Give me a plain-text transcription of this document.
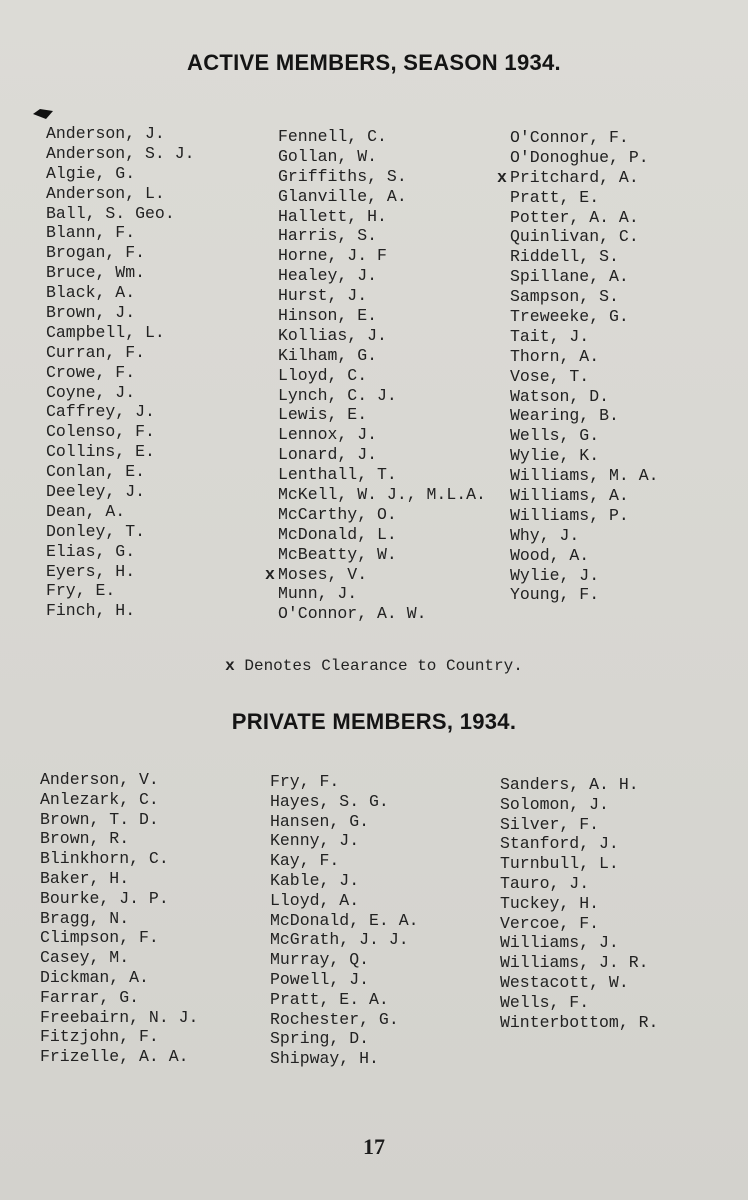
ACTIVE MEMBERS, SEASON 1934.
Anderson, J.
Anderson, S. J.
Algie, G.
Anderson, L.
Ball, S. Geo.
Blann, F.
Brogan, F.
Bruce, Wm.
Black, A.
Brown, J.
Campbell, L.
Curran, F.
Crowe, F.
Coyne, J.
Caffrey, J.
Colenso, F.
Collins, E.
Conlan, E.
Deeley, J.
Dean, A.
Donley, T.
Elias, G.
Eyers, H.
Fry, E.
Finch, H.
Fennell, C.
Gollan, W.
Griffiths, S.
Glanville, A.
Hallett, H.
Harris, S.
Horne, J. F
Healey, J.
Hurst, J.
Hinson, E.
Kollias, J.
Kilham, G.
Lloyd, C.
Lynch, C. J.
Lewis, E.
Lennox, J.
Lonard, J.
Lenthall, T.
McKell, W. J., M.L.A.
McCarthy, O.
McDonald, L.
McBeatty, W.
x Moses, V.
Munn, J.
O'Connor, A. W.
O'Connor, F.
O'Donoghue, P.
x Pritchard, A.
Pratt, E.
Potter, A. A.
Quinlivan, C.
Riddell, S.
Spillane, A.
Sampson, S.
Treweeke, G.
Tait, J.
Thorn, A.
Vose, T.
Watson, D.
Wearing, B.
Wells, G.
Wylie, K.
Williams, M. A.
Williams, A.
Williams, P.
Why, J.
Wood, A.
Wylie, J.
Young, F.
x Denotes Clearance to Country.
PRIVATE MEMBERS, 1934.
Anderson, V.
Anlezark, C.
Brown, T. D.
Brown, R.
Blinkhorn, C.
Baker, H.
Bourke, J. P.
Bragg, N.
Climpson, F.
Casey, M.
Dickman, A.
Farrar, G.
Freebairn, N. J.
Fitzjohn, F.
Frizelle, A. A.
Fry, F.
Hayes, S. G.
Hansen, G.
Kenny, J.
Kay, F.
Kable, J.
Lloyd, A.
McDonald, E. A.
McGrath, J. J.
Murray, Q.
Powell, J.
Pratt, E. A.
Rochester, G.
Spring, D.
Shipway, H.
Sanders, A. H.
Solomon, J.
Silver, F.
Stanford, J.
Turnbull, L.
Tauro, J.
Tuckey, H.
Vercoe, F.
Williams, J.
Williams, J. R.
Westacott, W.
Wells, F.
Winterbottom, R.
17
